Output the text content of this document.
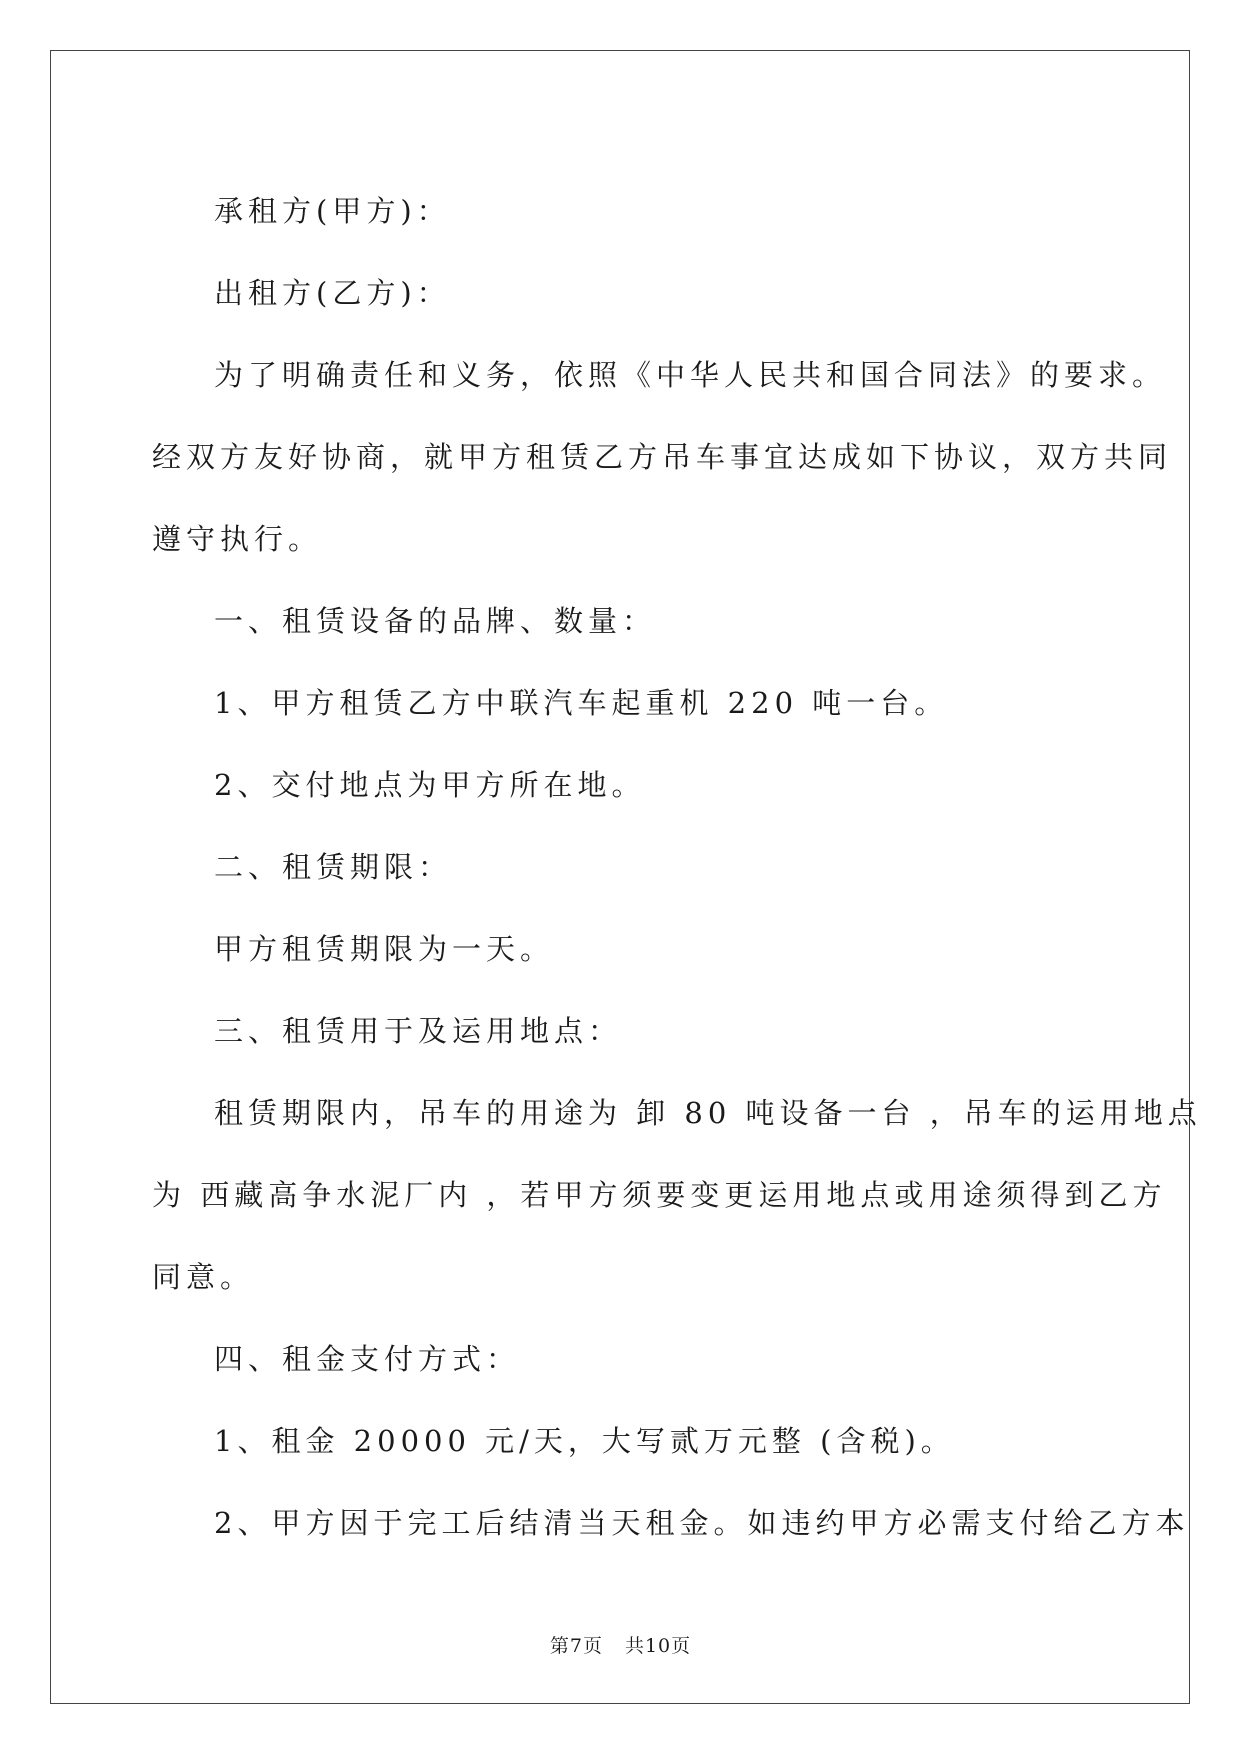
承租方(甲方)：

出租方(乙方)：

为了明确责任和义务，依照《中华人民共和国合同法》的要求。

经双方友好协商，就甲方租赁乙方吊车事宜达成如下协议，双方共同

遵守执行。

一、租赁设备的品牌、数量：

1、甲方租赁乙方中联汽车起重机 220 吨一台。

2、交付地点为甲方所在地。

二、租赁期限：

甲方租赁期限为一天。

三、租赁用于及运用地点：

租赁期限内，吊车的用途为 卸 80 吨设备一台 ，吊车的运用地点

为 西藏高争水泥厂内 ，若甲方须要变更运用地点或用途须得到乙方

同意。

四、租金支付方式：

1、租金 20000 元/天，大写贰万元整 (含税)。

2、甲方因于完工后结清当天租金。如违约甲方必需支付给乙方本

第7页 共10页
